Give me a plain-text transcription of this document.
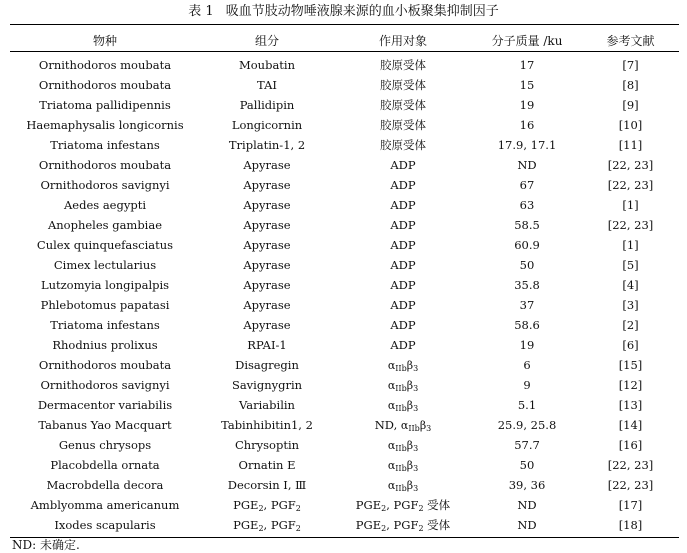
表 1 吸血节肢动物唾液腺来源的血小板聚集抑制因子
物种	组分	作用对象	分子质量 /ku	参考文献

Ornithodoros moubata	Moubatin	胶原受体	17	[7]
Ornithodoros moubata	TAI	胶原受体	15	[8]
Triatoma pallidipennis	Pallidipin	胶原受体	19	[9]
Haemaphysalis longicornis	Longicornin	胶原受体	16	[10]
Triatoma infestans	Triplatin-1, 2	胶原受体	17.9, 17.1	[11]
Ornithodoros moubata	Apyrase	ADP	ND	[22, 23]
Ornithodoros savignyi	Apyrase	ADP	67	[22, 23]
Aedes aegypti	Apyrase	ADP	63	[1]
Anopheles gambiae	Apyrase	ADP	58.5	[22, 23]
Culex quinquefasciatus	Apyrase	ADP	60.9	[1]
Cimex lectularius	Apyrase	ADP	50	[5]
Lutzomyia longipalpis	Apyrase	ADP	35.8	[4]
Phlebotomus papatasi	Apyrase	ADP	37	[3]
Triatoma infestans	Apyrase	ADP	58.6	[2]
Rhodnius prolixus	RPAI-1	ADP	19	[6]
Ornithodoros moubata	Disagregin	$\alpha_{IIb}\beta_3$	6	[15]
Ornithodoros savignyi	Savignygrin	$\alpha_{IIb}\beta_3$	9	[12]
Dermacentor variabilis	Variabilin	$\alpha_{IIb}\beta_3$	5.1	[13]
Tabanus Yao Macquart	Tabinhibitin1, 2	ND, $\alpha_{IIb}\beta_3$	25.9, 25.8	[14]
Genus chrysops	Chrysoptin	$\alpha_{IIb}\beta_3$	57.7	[16]
Placobdella ornata	Ornatin E	$\alpha_{IIb}\beta_3$	50	[22, 23]
Macrobdella decora	Decorsin Ⅰ, Ⅲ	$\alpha_{IIb}\beta_3$	39, 36	[22, 23]
Amblyomma americanum	$PGE_2$, $PGF_2$	$PGE_2$, $PGF_2$ 受体	ND	[17]
Ixodes scapularis	$PGE_2$, $PGF_2$	$PGE_2$, $PGF_2$ 受体	ND	[18]
ND: 未确定.
